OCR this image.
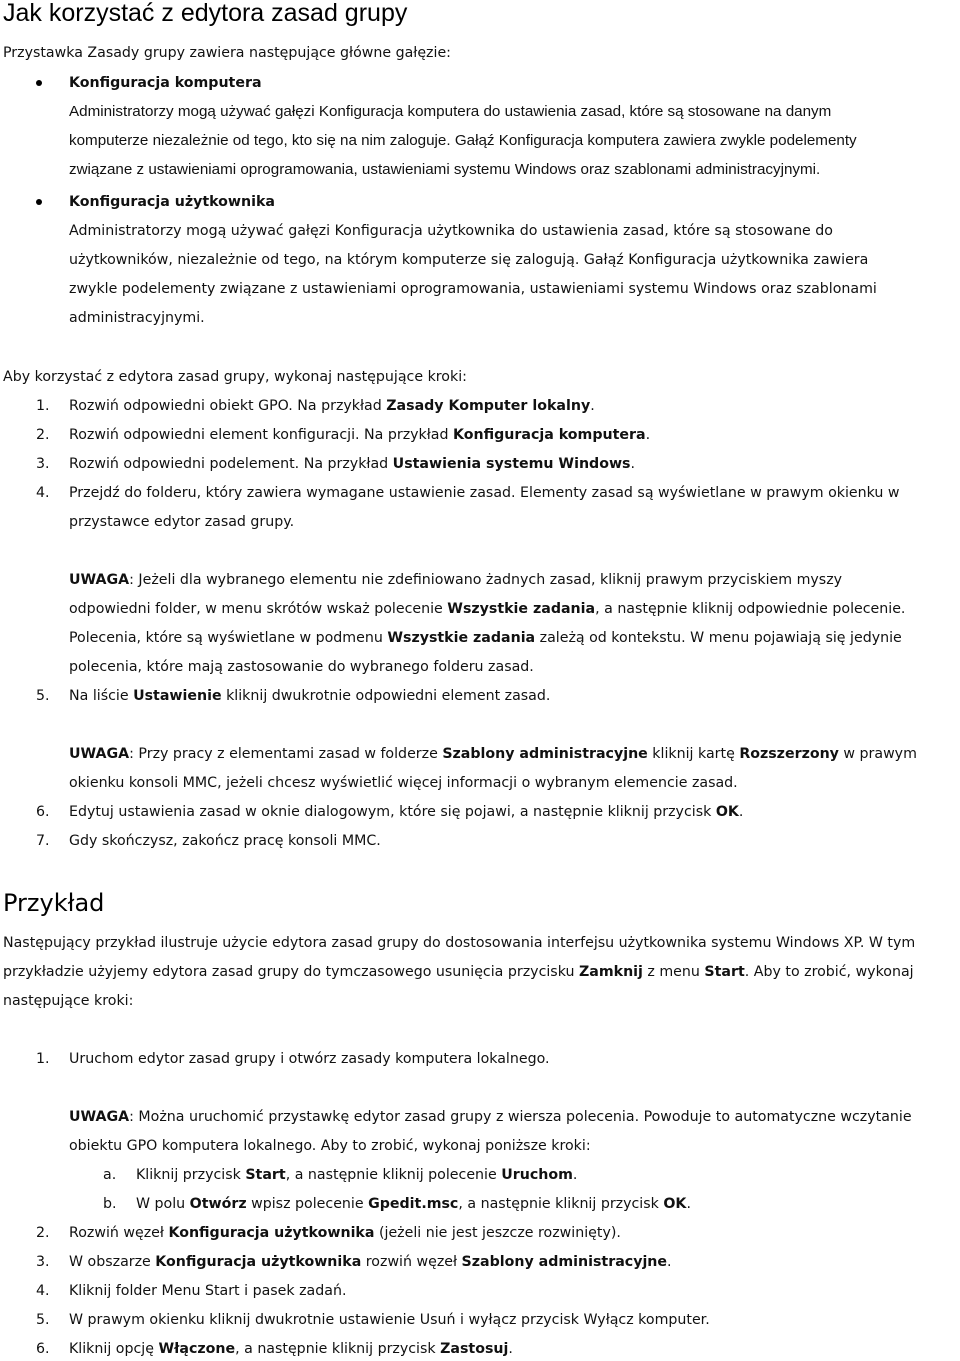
Jak korzystać z edytora zasad grupy
Przystawka Zasady grupy zawiera następujące główne gałęzie:
Konfiguracja komputera
Administratorzy mogą używać gałęzi Konfiguracja komputera do ustawienia zasad, które są stosowane na danym
komputerze niezależnie od tego, kto się na nim zaloguje. Gałąź Konfiguracja komputera zawiera zwykle podelementy
związane z ustawieniami oprogramowania, ustawieniami systemu Windows oraz szablonami administracyjnymi.
Konfiguracja użytkownika
Administratorzy mogą używać gałęzi Konfiguracja użytkownika do ustawienia zasad, które są stosowane do
użytkowników, niezależnie od tego, na którym komputerze się zalogują. Gałąź Konfiguracja użytkownika zawiera
zwykle podelementy związane z ustawieniami oprogramowania, ustawieniami systemu Windows oraz szablonami
administracyjnymi.
Aby korzystać z edytora zasad grupy, wykonaj następujące kroki:
1. Rozwiń odpowiedni obiekt GPO. Na przykład Zasady Komputer lokalny.
2. Rozwiń odpowiedni element konfiguracji. Na przykład Konfiguracja komputera.
3. Rozwiń odpowiedni podelement. Na przykład Ustawienia systemu Windows.
4. Przejdź do folderu, który zawiera wymagane ustawienie zasad. Elementy zasad są wyświetlane w prawym okienku w
przystawce edytor zasad grupy.
UWAGA: Jeżeli dla wybranego elementu nie zdefiniowano żadnych zasad, kliknij prawym przyciskiem myszy
odpowiedni folder, w menu skrótów wskaż polecenie Wszystkie zadania, a następnie kliknij odpowiednie polecenie.
Polecenia, które są wyświetlane w podmenu Wszystkie zadania zależą od kontekstu. W menu pojawiają się jedynie
polecenia, które mają zastosowanie do wybranego folderu zasad.
5. Na liście Ustawienie kliknij dwukrotnie odpowiedni element zasad.
UWAGA: Przy pracy z elementami zasad w folderze Szablony administracyjne kliknij kartę Rozszerzony w prawym
okienku konsoli MMC, jeżeli chcesz wyświetlić więcej informacji o wybranym elemencie zasad.
6. Edytuj ustawienia zasad w oknie dialogowym, które się pojawi, a następnie kliknij przycisk OK.
7. Gdy skończysz, zakończ pracę konsoli MMC.
Przykład
Następujący przykład ilustruje użycie edytora zasad grupy do dostosowania interfejsu użytkownika systemu Windows XP. W tym
przykładzie użyjemy edytora zasad grupy do tymczasowego usunięcia przycisku Zamknij z menu Start. Aby to zrobić, wykonaj
następujące kroki:
1. Uruchom edytor zasad grupy i otwórz zasady komputera lokalnego.
UWAGA: Można uruchomić przystawkę edytor zasad grupy z wiersza polecenia. Powoduje to automatyczne wczytanie
obiektu GPO komputera lokalnego. Aby to zrobić, wykonaj poniższe kroki:
a. Kliknij przycisk Start, a następnie kliknij polecenie Uruchom.
b. W polu Otwórz wpisz polecenie Gpedit.msc, a następnie kliknij przycisk OK.
2. Rozwiń węzeł Konfiguracja użytkownika (jeżeli nie jest jeszcze rozwinięty).
3. W obszarze Konfiguracja użytkownika rozwiń węzeł Szablony administracyjne.
4. Kliknij folder Menu Start i pasek zadań.
5. W prawym okienku kliknij dwukrotnie ustawienie Usuń i wyłącz przycisk Wyłącz komputer.
6. Kliknij opcję Włączone, a następnie kliknij przycisk Zastosuj.
